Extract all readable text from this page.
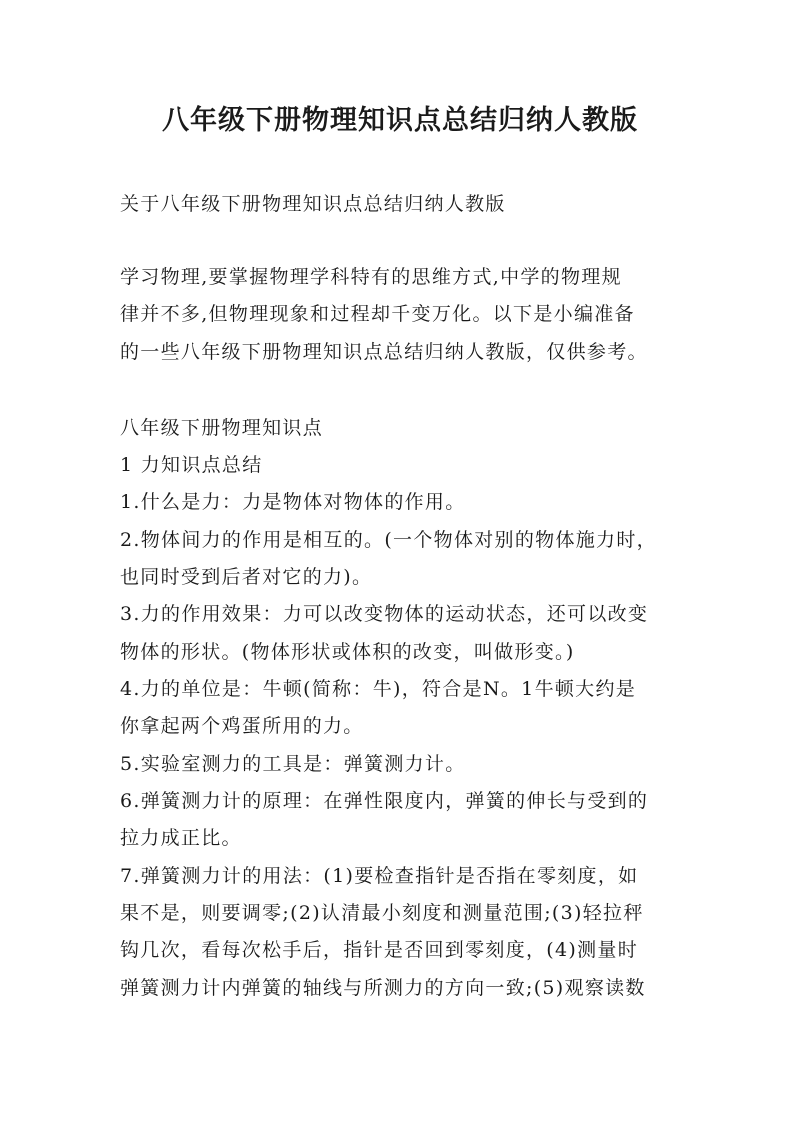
八年级下册物理知识点总结归纳人教版

关于八年级下册物理知识点总结归纳人教版

学习物理,要掌握物理学科特有的思维方式,中学的物理规

律并不多,但物理现象和过程却千变万化。以下是小编准备

的一些八年级下册物理知识点总结归纳人教版，仅供参考。

八年级下册物理知识点

1 力知识点总结

1.什么是力：力是物体对物体的作用。

2.物体间力的作用是相互的。(一个物体对别的物体施力时，

也同时受到后者对它的力)。

3.力的作用效果：力可以改变物体的运动状态，还可以改变

物体的形状。(物体形状或体积的改变，叫做形变。)

4.力的单位是：牛顿(简称：牛)，符合是N。1牛顿大约是

你拿起两个鸡蛋所用的力。

5.实验室测力的工具是：弹簧测力计。

6.弹簧测力计的原理：在弹性限度内，弹簧的伸长与受到的

拉力成正比。

7.弹簧测力计的用法：(1)要检查指针是否指在零刻度，如

果不是，则要调零;(2)认清最小刻度和测量范围;(3)轻拉秤

钩几次，看每次松手后，指针是否回到零刻度，(4)测量时

弹簧测力计内弹簧的轴线与所测力的方向一致;(5)观察读数
